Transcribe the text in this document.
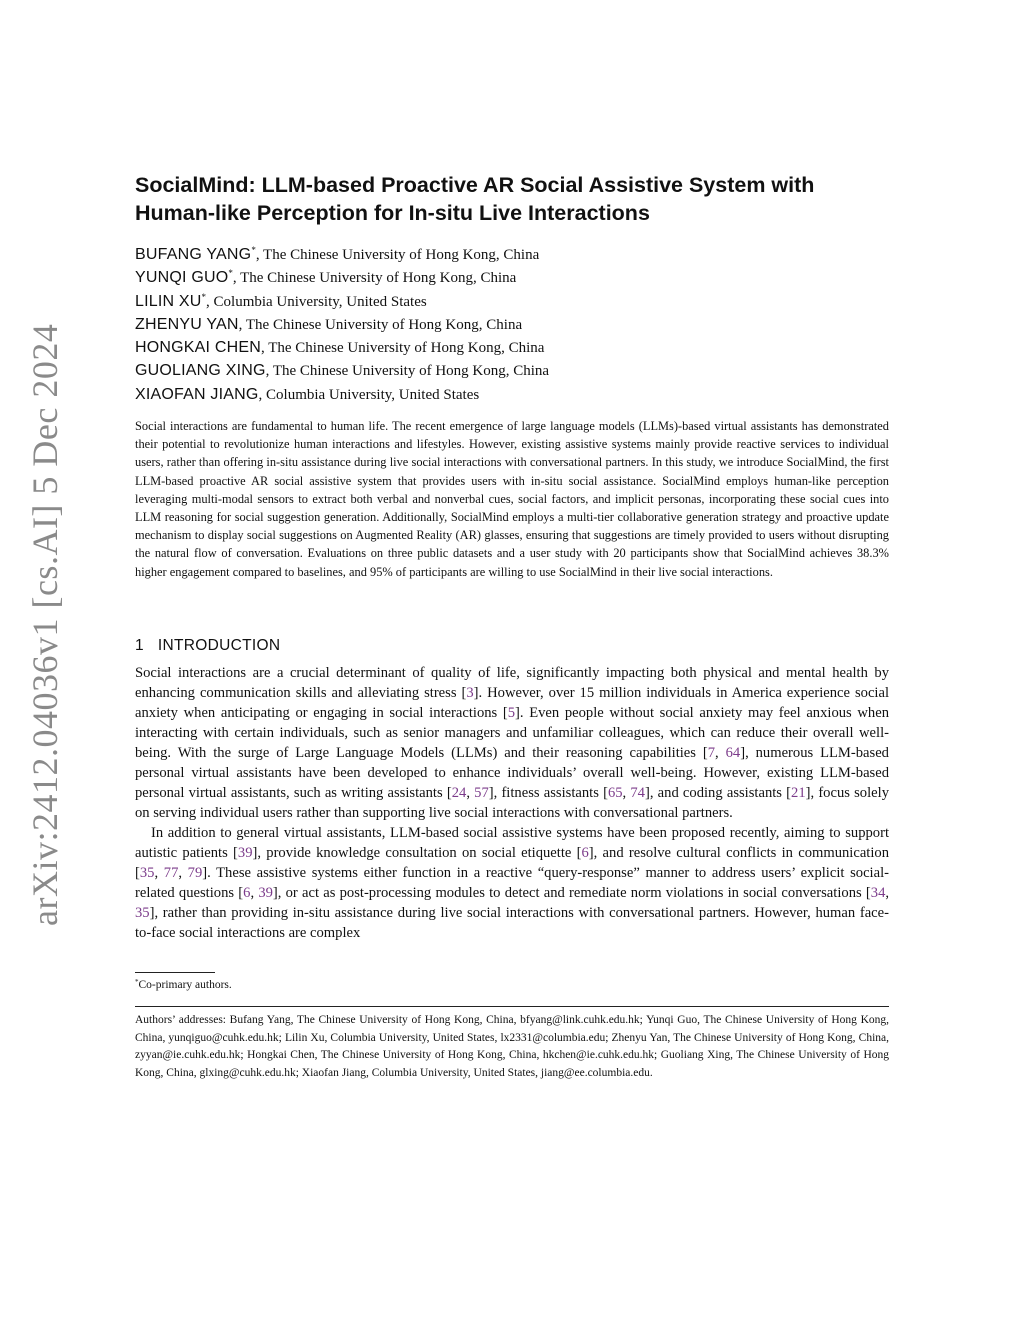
arXiv:2412.04036v1 [cs.AI] 5 Dec 2024
SocialMind: LLM-based Proactive AR Social Assistive System with Human-like Perception for In-situ Live Interactions
BUFANG YANG*, The Chinese University of Hong Kong, China
YUNQI GUO*, The Chinese University of Hong Kong, China
LILIN XU*, Columbia University, United States
ZHENYU YAN, The Chinese University of Hong Kong, China
HONGKAI CHEN, The Chinese University of Hong Kong, China
GUOLIANG XING, The Chinese University of Hong Kong, China
XIAOFAN JIANG, Columbia University, United States
Social interactions are fundamental to human life. The recent emergence of large language models (LLMs)-based virtual assistants has demonstrated their potential to revolutionize human interactions and lifestyles. However, existing assistive systems mainly provide reactive services to individual users, rather than offering in-situ assistance during live social interactions with conversational partners. In this study, we introduce SocialMind, the first LLM-based proactive AR social assistive system that provides users with in-situ social assistance. SocialMind employs human-like perception leveraging multi-modal sensors to extract both verbal and nonverbal cues, social factors, and implicit personas, incorporating these social cues into LLM reasoning for social suggestion generation. Additionally, SocialMind employs a multi-tier collaborative generation strategy and proactive update mechanism to display social suggestions on Augmented Reality (AR) glasses, ensuring that suggestions are timely provided to users without disrupting the natural flow of conversation. Evaluations on three public datasets and a user study with 20 participants show that SocialMind achieves 38.3% higher engagement compared to baselines, and 95% of participants are willing to use SocialMind in their live social interactions.
1 INTRODUCTION

Social interactions are a crucial determinant of quality of life, significantly impacting both physical and mental health by enhancing communication skills and alleviating stress [3]. However, over 15 million individuals in America experience social anxiety when anticipating or engaging in social interactions [5]. Even people without social anxiety may feel anxious when interacting with certain individuals, such as senior managers and unfamiliar colleagues, which can reduce their overall well-being. With the surge of Large Language Models (LLMs) and their reasoning capabilities [7, 64], numerous LLM-based personal virtual assistants have been developed to enhance individuals’ overall well-being. However, existing LLM-based personal virtual assistants, such as writing assistants [24, 57], fitness assistants [65, 74], and coding assistants [21], focus solely on serving individual users rather than supporting live social interactions with conversational partners.

In addition to general virtual assistants, LLM-based social assistive systems have been proposed recently, aiming to support autistic patients [39], provide knowledge consultation on social etiquette [6], and resolve cultural conflicts in communication [35, 77, 79]. These assistive systems either function in a reactive “query-response” manner to address users’ explicit social-related questions [6, 39], or act as post-processing modules to detect and remediate norm violations in social conversations [34, 35], rather than providing in-situ assistance during live social interactions with conversational partners. However, human face-to-face social interactions are complex

*Co-primary authors.
Authors’ addresses: Bufang Yang, The Chinese University of Hong Kong, China, bfyang@link.cuhk.edu.hk; Yunqi Guo, The Chinese University of Hong Kong, China, yunqiguo@cuhk.edu.hk; Lilin Xu, Columbia University, United States, lx2331@columbia.edu; Zhenyu Yan, The Chinese University of Hong Kong, China, zyyan@ie.cuhk.edu.hk; Hongkai Chen, The Chinese University of Hong Kong, China, hkchen@ie.cuhk.edu.hk; Guoliang Xing, The Chinese University of Hong Kong, China, glxing@cuhk.edu.hk; Xiaofan Jiang, Columbia University, United States, jiang@ee.columbia.edu.
